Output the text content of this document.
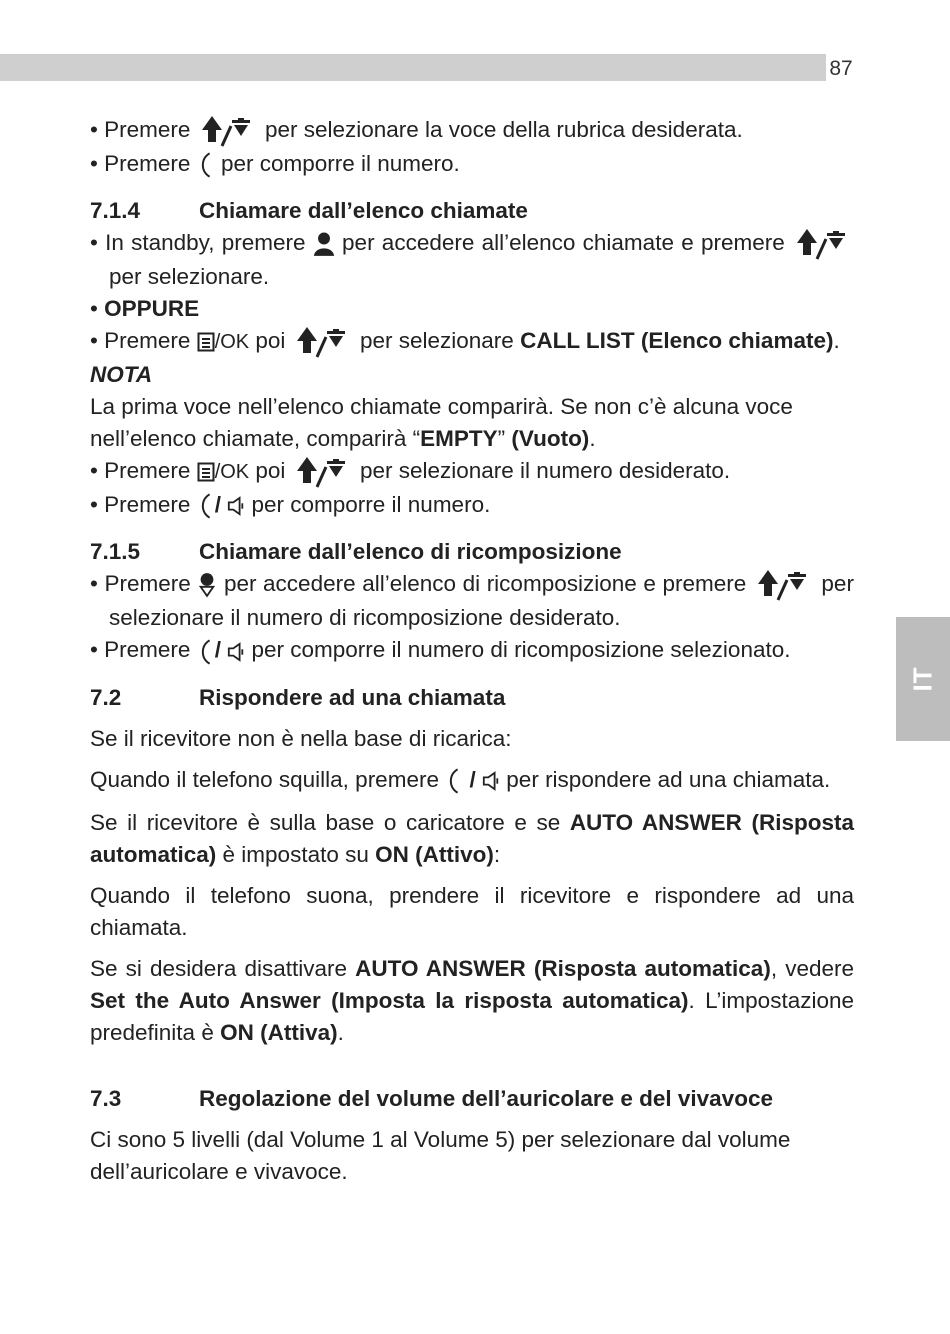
87
IT

• Premere	per selezionare la voce della rubrica desiderata.

• Premere per comporre il numero.

7.1.4	Chiamare dall’elenco chiamate

• In standby, premere per accedere all’elenco chiamate e premere
per selezionare.

• OPPURE

• Premere /OK poi	per selezionare CALL LIST (Elenco chiamate).

NOTA

La prima voce nell’elenco chiamate comparirà. Se non c’è alcuna voce nell’elenco chiamate, comparirà “EMPTY” (Vuoto).

• Premere /OK poi	per selezionare il numero desiderato.

• Premere / per comporre il numero.

7.1.5	Chiamare dall’elenco di ricomposizione

• Premere per accedere all’elenco di ricomposizione e premere	per selezionare il numero di ricomposizione desiderato.

• Premere / per comporre il numero di ricomposizione selezionato.

7.2	Rispondere ad una chiamata

Se il ricevitore non è nella base di ricarica:

Quando il telefono squilla, premere / per rispondere ad una chiamata.

Se il ricevitore è sulla base o caricatore e se AUTO ANSWER (Risposta automatica) è impostato su ON (Attivo):

Quando il telefono suona, prendere il ricevitore e rispondere ad una chiamata.

Se si desidera disattivare AUTO ANSWER (Risposta automatica), vedere Set the Auto Answer (Imposta la risposta automatica). L’impostazione predefinita è ON (Attiva).

7.3	Regolazione del volume dell’auricolare e del vivavoce

Ci sono 5 livelli (dal Volume 1 al Volume 5) per selezionare dal volume dell’auricolare e vivavoce.
